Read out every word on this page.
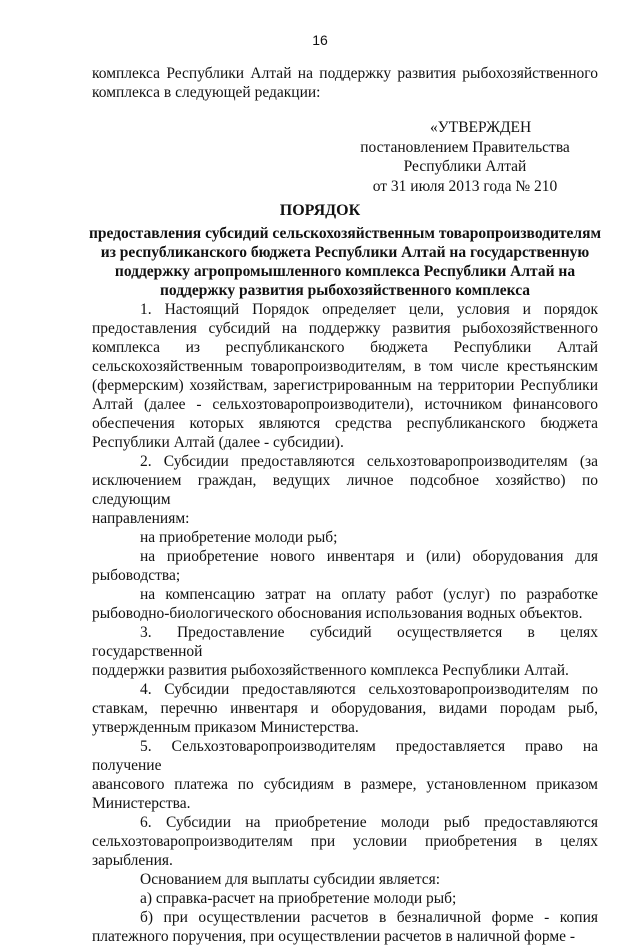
16
комплекса Республики Алтай на поддержку развития рыбохозяйственного
комплекса в следующей редакции:
«УТВЕРЖДЕН
постановлением Правительства
Республики Алтай
от 31 июля 2013 года № 210
ПОРЯДОК
предоставления субсидий сельскохозяйственным товаропроизводителям
из республиканского бюджета Республики Алтай на государственную
поддержку агропромышленного комплекса Республики Алтай на
поддержку развития рыбохозяйственного комплекса
1. Настоящий Порядок определяет цели, условия и порядок
предоставления субсидий на поддержку развития рыбохозяйственного
комплекса из республиканского бюджета Республики Алтай
сельскохозяйственным товаропроизводителям, в том числе крестьянским
(фермерским) хозяйствам, зарегистрированным на территории Республики
Алтай (далее - сельхозтоваропроизводители), источником финансового
обеспечения которых являются средства республиканского бюджета
Республики Алтай (далее - субсидии).
2. Субсидии предоставляются сельхозтоваропроизводителям (за
исключением граждан, ведущих личное подсобное хозяйство) по следующим
направлениям:
на приобретение молоди рыб;
на приобретение нового инвентаря и (или) оборудования для
рыбоводства;
на компенсацию затрат на оплату работ (услуг) по разработке
рыбоводно-биологического обоснования использования водных объектов.
3. Предоставление субсидий осуществляется в целях государственной
поддержки развития рыбохозяйственного комплекса Республики Алтай.
4. Субсидии предоставляются сельхозтоваропроизводителям по
ставкам, перечню инвентаря и оборудования, видами породам рыб,
утвержденным приказом Министерства.
5. Сельхозтоваропроизводителям предоставляется право на получение
авансового платежа по субсидиям в размере, установленном приказом
Министерства.
6. Субсидии на приобретение молоди рыб предоставляются
сельхозтоваропроизводителям при условии приобретения в целях
зарыбления.
Основанием для выплаты субсидии является:
а) справка-расчет на приобретение молоди рыб;
б) при осуществлении расчетов в безналичной форме - копия
платежного поручения, при осуществлении расчетов в наличной форме -
